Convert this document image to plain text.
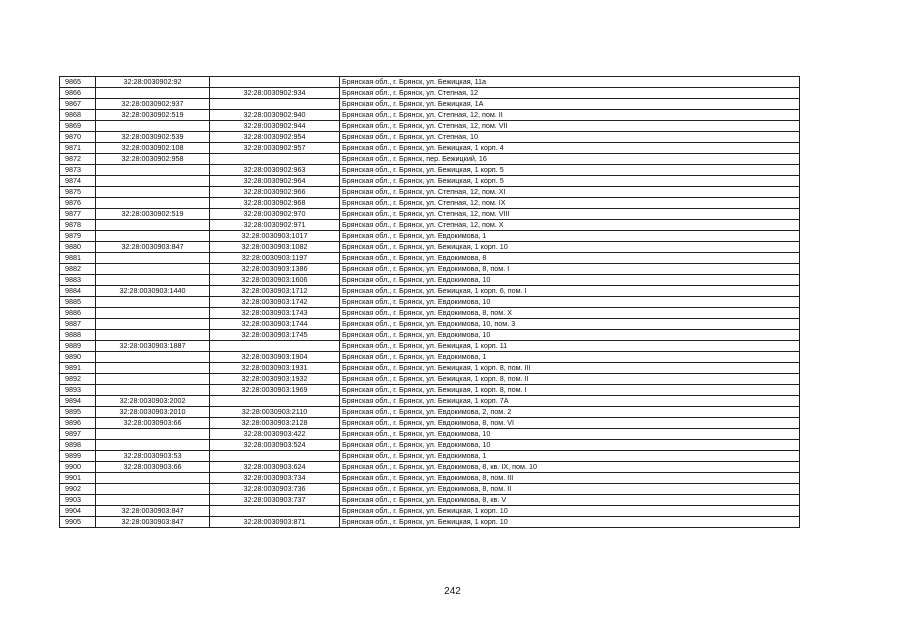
9865	32:28:0030902:92		Брянская обл., г. Брянск, ул. Бежицкая, 11а
9866		32:28:0030902:934	Брянская обл., г. Брянск, ул. Степная, 12
9867	32:28:0030902:937		Брянская обл., г. Брянск, ул. Бежицкая, 1А
9868	32:28:0030902:519	32:28:0030902:940	Брянская обл., г. Брянск, ул. Степная, 12, пом. II
9869		32:28:0030902:944	Брянская обл., г. Брянск, ул. Степная, 12, пом. VII
9870	32:28:0030902:539	32:28:0030902:954	Брянская обл., г. Брянск, ул. Степная, 10
9871	32:28:0030902:108	32:28:0030902:957	Брянская обл., г. Брянск, ул. Бежицкая, 1 корп. 4
9872	32:28:0030902:958		Брянская обл., г. Брянск, пер. Бежицкий, 16
9873		32:28:0030902:963	Брянская обл., г. Брянск, ул. Бежицкая, 1 корп. 5
9874		32:28:0030902:964	Брянская обл., г. Брянск, ул. Бежицкая, 1 корп. 5
9875		32:28:0030902:966	Брянская обл., г. Брянск, ул. Степная, 12, пом. XI
9876		32:28:0030902:968	Брянская обл., г. Брянск, ул. Степная, 12, пом. IX
9877	32:28:0030902:519	32:28:0030902:970	Брянская обл., г. Брянск, ул. Степная, 12, пом. VIII
9878		32:28:0030902:971	Брянская обл., г. Брянск, ул. Степная, 12, пом. X
9879		32:28:0030903:1017	Брянская обл., г. Брянск, ул. Евдокимова, 1
9880	32:28:0030903:847	32:28:0030903:1082	Брянская обл., г. Брянск, ул. Бежицкая, 1 корп. 10
9881		32:28:0030903:1197	Брянская обл., г. Брянск, ул. Евдокимова, 8
9882		32:28:0030903:1386	Брянская обл., г. Брянск, ул. Евдокимова, 8, пом. I
9883		32:28:0030903:1606	Брянская обл., г. Брянск, ул. Евдокимова, 10
9884	32:28:0030903:1440	32:28:0030903:1712	Брянская обл., г. Брянск, ул. Бежицкая, 1 корп. 6, пом. I
9885		32:28:0030903:1742	Брянская обл., г. Брянск, ул. Евдокимова, 10
9886		32:28:0030903:1743	Брянская обл., г. Брянск, ул. Евдокимова, 8, пом. X
9887		32:28:0030903:1744	Брянская обл., г. Брянск, ул. Евдокимова, 10, пом. 3
9888		32:28:0030903:1745	Брянская обл., г. Брянск, ул. Евдокимова, 10
9889	32:28:0030903:1887		Брянская обл., г. Брянск, ул. Бежицкая, 1 корп. 11
9890		32:28:0030903:1904	Брянская обл., г. Брянск, ул. Евдокимова, 1
9891		32:28:0030903:1931	Брянская обл., г. Брянск, ул. Бежицкая, 1 корп. 8, пом. III
9892		32:28:0030903:1932	Брянская обл., г. Брянск, ул. Бежицкая, 1 корп. 8, пом. II
9893		32:28:0030903:1969	Брянская обл., г. Брянск, ул. Бежицкая, 1 корп. 8, пом. I
9894	32:28:0030903:2002		Брянская обл., г. Брянск, ул. Бежицкая, 1 корп. 7А
9895	32:28:0030903:2010	32:28:0030903:2110	Брянская обл., г. Брянск, ул. Евдокимова, 2, пом. 2
9896	32:28:0030903:66	32:28:0030903:2128	Брянская обл., г. Брянск, ул. Евдокимова, 8, пом. VI
9897		32:28:0030903:422	Брянская обл., г. Брянск, ул. Евдокимова, 10
9898		32:28:0030903:524	Брянская обл., г. Брянск, ул. Евдокимова, 10
9899	32:28:0030903:53		Брянская обл., г. Брянск, ул. Евдокимова, 1
9900	32:28:0030903:66	32:28:0030903:624	Брянская обл., г. Брянск, ул. Евдокимова, 8, кв. IX, пом. 10
9901		32:28:0030903:734	Брянская обл., г. Брянск, ул. Евдокимова, 8, пом. III
9902		32:28:0030903:736	Брянская обл., г. Брянск, ул. Евдокимова, 8, пом. II
9903		32:28:0030903:737	Брянская обл., г. Брянск, ул. Евдокимова, 8, кв. V
9904	32:28:0030903:847		Брянская обл., г. Брянск, ул. Бежицкая, 1 корп. 10
9905	32:28:0030903:847	32:28:0030903:871	Брянская обл., г. Брянск, ул. Бежицкая, 1 корп. 10
242
